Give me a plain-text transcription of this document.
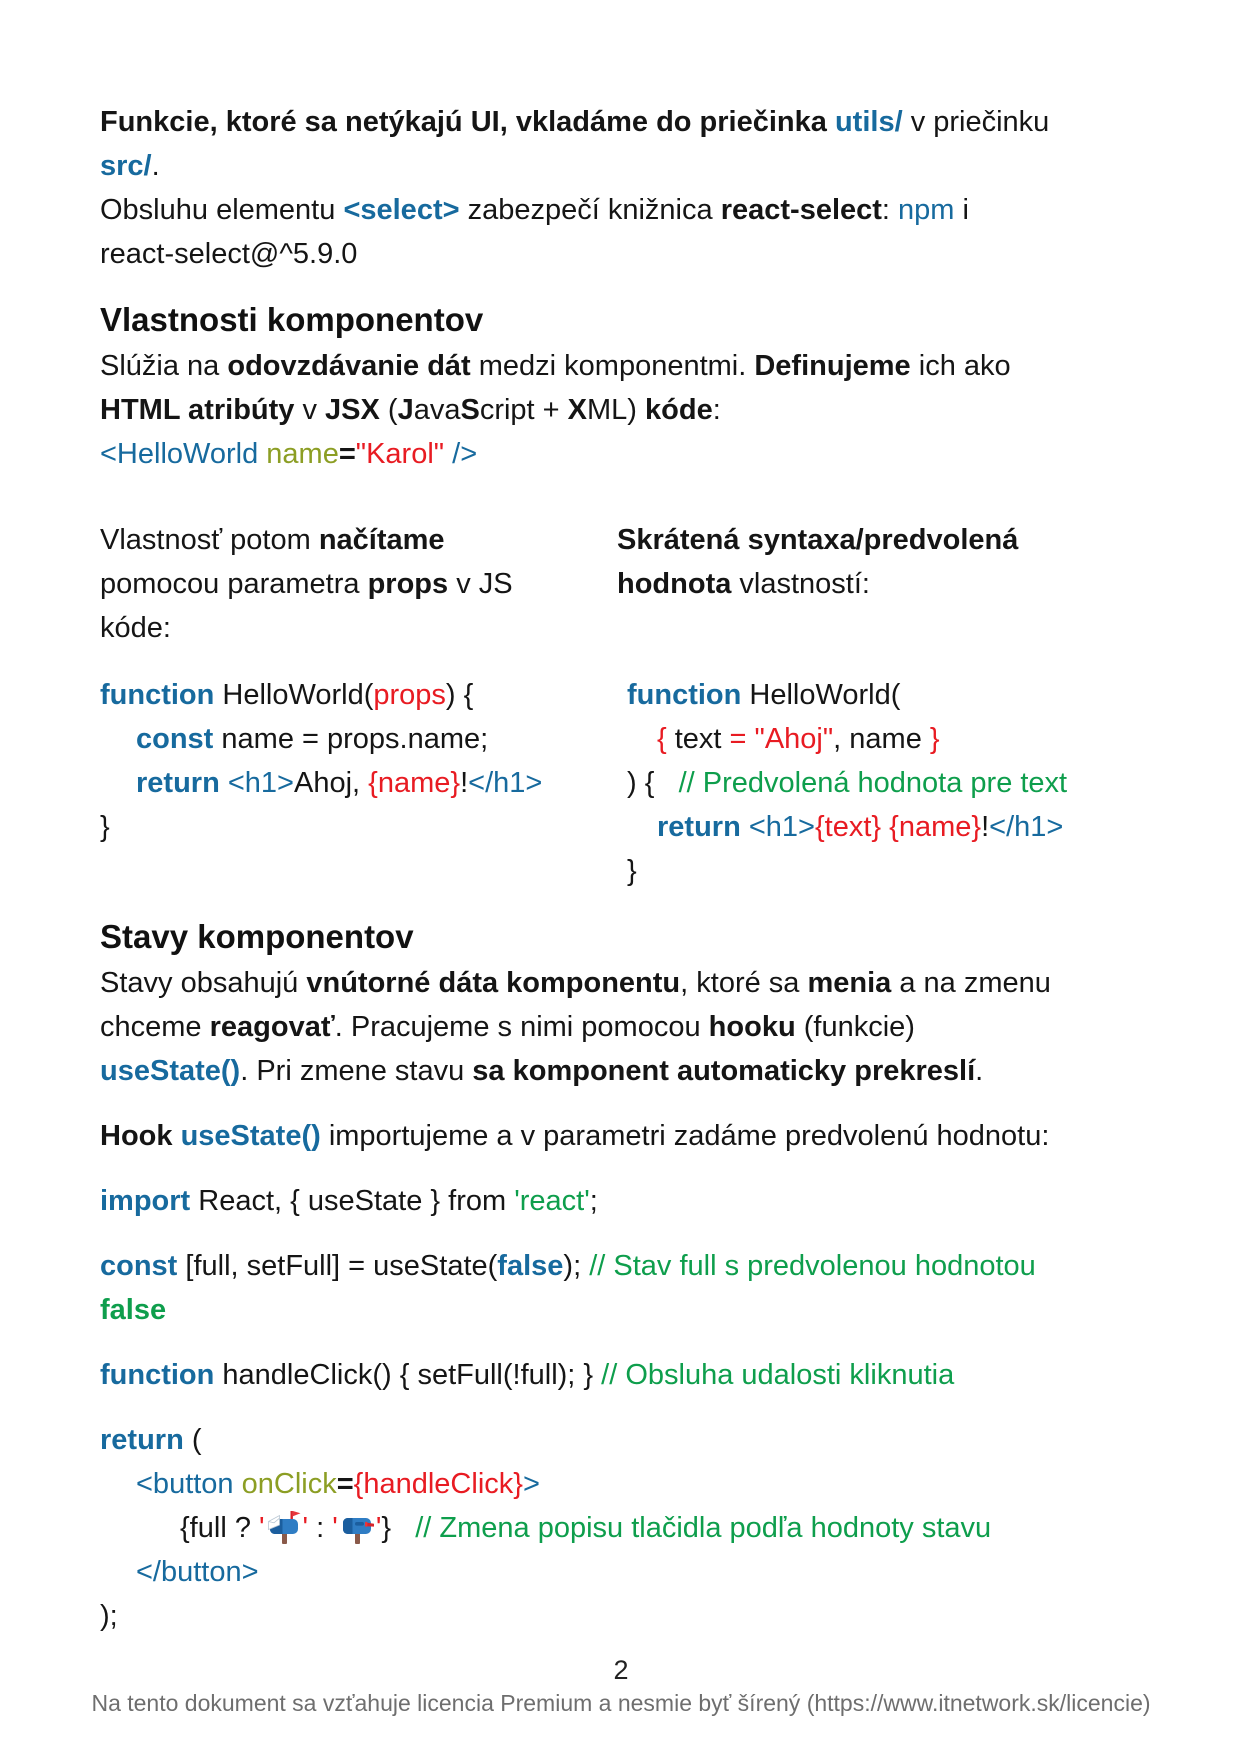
Funkcie, ktoré sa netýkajú UI, vkladáme do priečinka utils/ v priečinku
src/.
Obsluhu elementu <select> zabezpečí knižnica react-select: npm i
react-select@^5.9.0

Vlastnosti komponentov

Slúžia na odovzdávanie dát medzi komponentmi. Definujeme ich ako
HTML atribúty v JSX (JavaScript + XML) kóde:

<HelloWorld name="Karol" />

Vlastnosť potom načítame
pomocou parametra props v JS
kóde:

Skrátená syntaxa/predvolená
hodnota vlastností:

function HelloWorld(props) {
const name = props.name;
return <h1>Ahoj, {name}!</h1>
}
function HelloWorld(
{ text = "Ahoj", name }
) {   // Predvolená hodnota pre text
return <h1>{text} {name}!</h1>
}
Stavy komponentov

Stavy obsahujú vnútorné dáta komponentu, ktoré sa menia a na zmenu
chceme reagovať. Pracujeme s nimi pomocou hooku (funkcie)
useState(). Pri zmene stavu sa komponent automaticky prekreslí.

Hook useState() importujeme a v parametri zadáme predvolenú hodnotu:

import React, { useState } from 'react';

const [full, setFull] = useState(false); // Stav full s predvolenou hodnotou
false

function handleClick() { setFull(!full); } // Obsluha udalosti kliknutia

return (
<button onClick={handleClick}>
{full ? ' ' : ' '}   // Zmena popisu tlačidla podľa hodnoty stavu
</button>
);
2
Na tento dokument sa vzťahuje licencia Premium a nesmie byť šírený (https://www.itnetwork.sk/licencie)
